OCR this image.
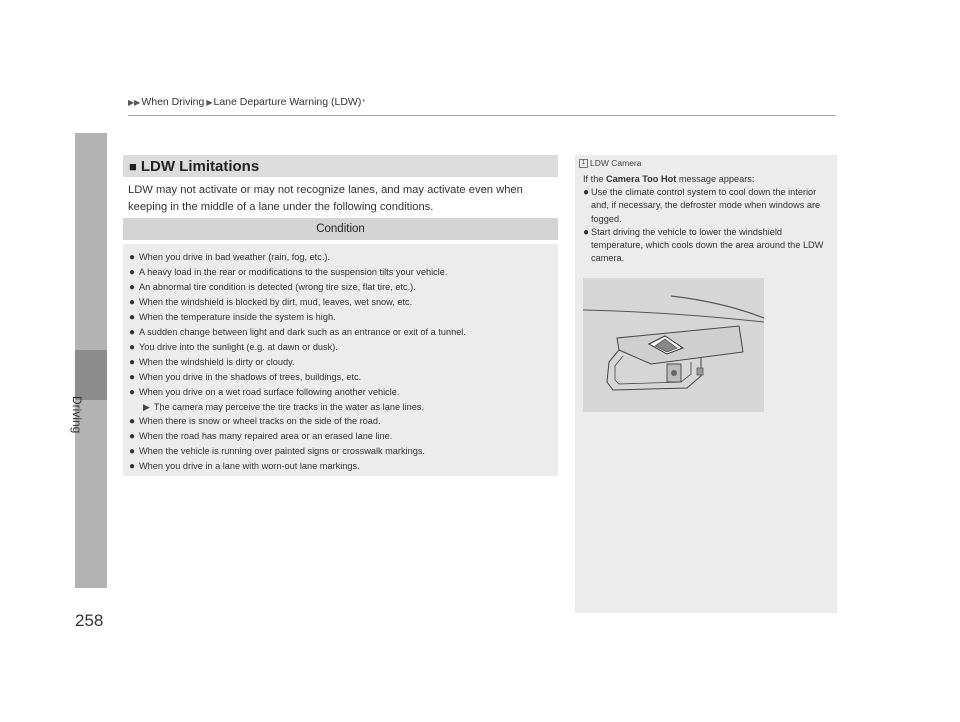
Driving
258
▶▶ When Driving ▶ Lane Departure Warning (LDW) *
■ LDW Limitations
LDW may not activate or may not recognize lanes, and may activate even when keeping in the middle of a lane under the following conditions.
Condition
● When you drive in bad weather (rain, fog, etc.).
● A heavy load in the rear or modifications to the suspension tilts your vehicle.
● An abnormal tire condition is detected (wrong tire size, flat tire, etc.).
● When the windshield is blocked by dirt, mud, leaves, wet snow, etc.
● When the temperature inside the system is high.
● A sudden change between light and dark such as an entrance or exit of a tunnel.
● You drive into the sunlight (e.g. at dawn or dusk).
● When the windshield is dirty or cloudy.
● When you drive in the shadows of trees, buildings, etc.
● When you drive on a wet road surface following another vehicle.
▶ The camera may perceive the tire tracks in the water as lane lines.
● When there is snow or wheel tracks on the side of the road.
● When the road has many repaired area or an erased lane line.
● When the vehicle is running over painted signs or crosswalk markings.
● When you drive in a lane with worn-out lane markings.
1 LDW Camera
If the Camera Too Hot message appears:
● Use the climate control system to cool down the interior and, if necessary, the defroster mode when windows are fogged.
● Start driving the vehicle to lower the windshield temperature, which cools down the area around the LDW camera.
